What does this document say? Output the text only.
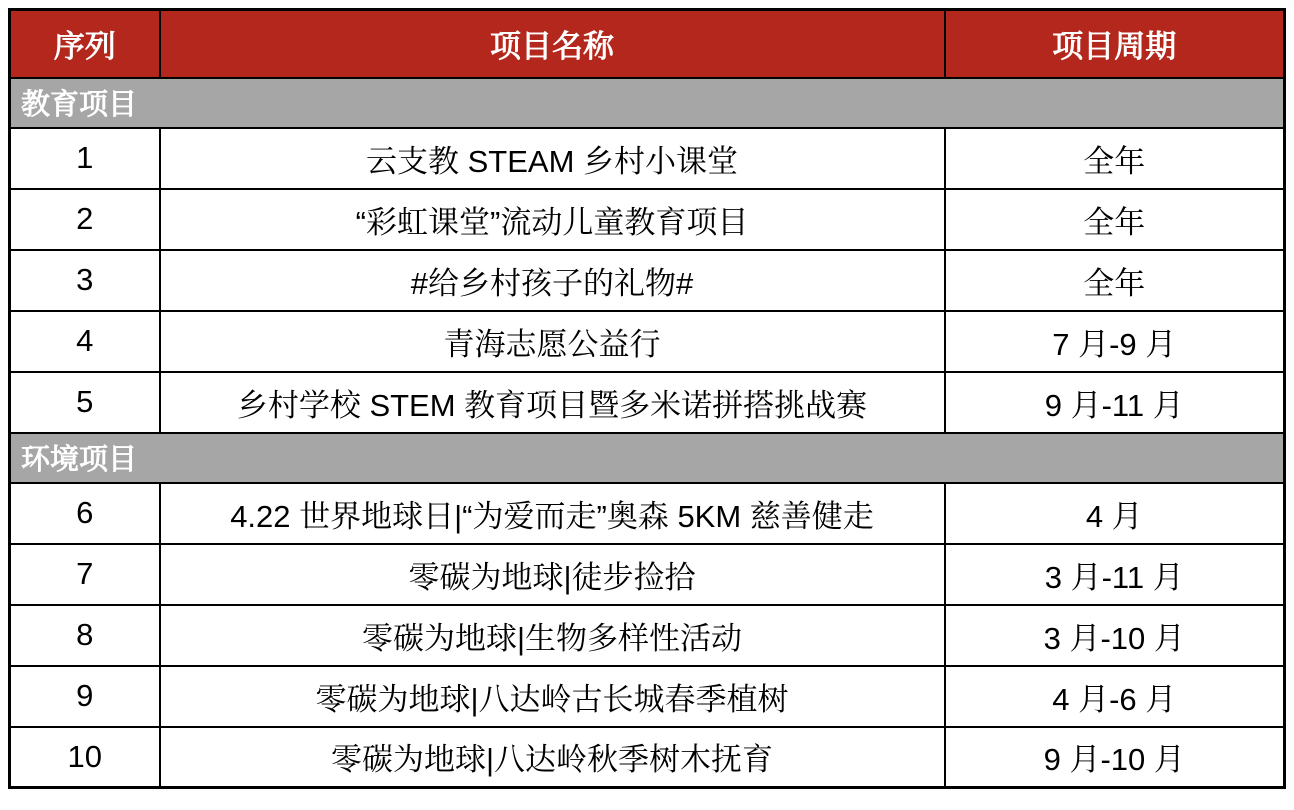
序列	项目名称	项目周期
教育项目		
1	云支教 STEAM 乡村小课堂	全年
2	“彩虹课堂”流动儿童教育项目	全年
3	#给乡村孩子的礼物#	全年
4	青海志愿公益行	7 月-9 月
5	乡村学校 STEM 教育项目暨多米诺拼搭挑战赛	9 月-11 月
环境项目		
6	4.22 世界地球日|“为爱而走”奥森 5KM 慈善健走	4 月
7	零碳为地球|徒步捡拾	3 月-11 月
8	零碳为地球|生物多样性活动	3 月-10 月
9	零碳为地球|八达岭古长城春季植树	4 月-6 月
10	零碳为地球|八达岭秋季树木抚育	9 月-10 月
